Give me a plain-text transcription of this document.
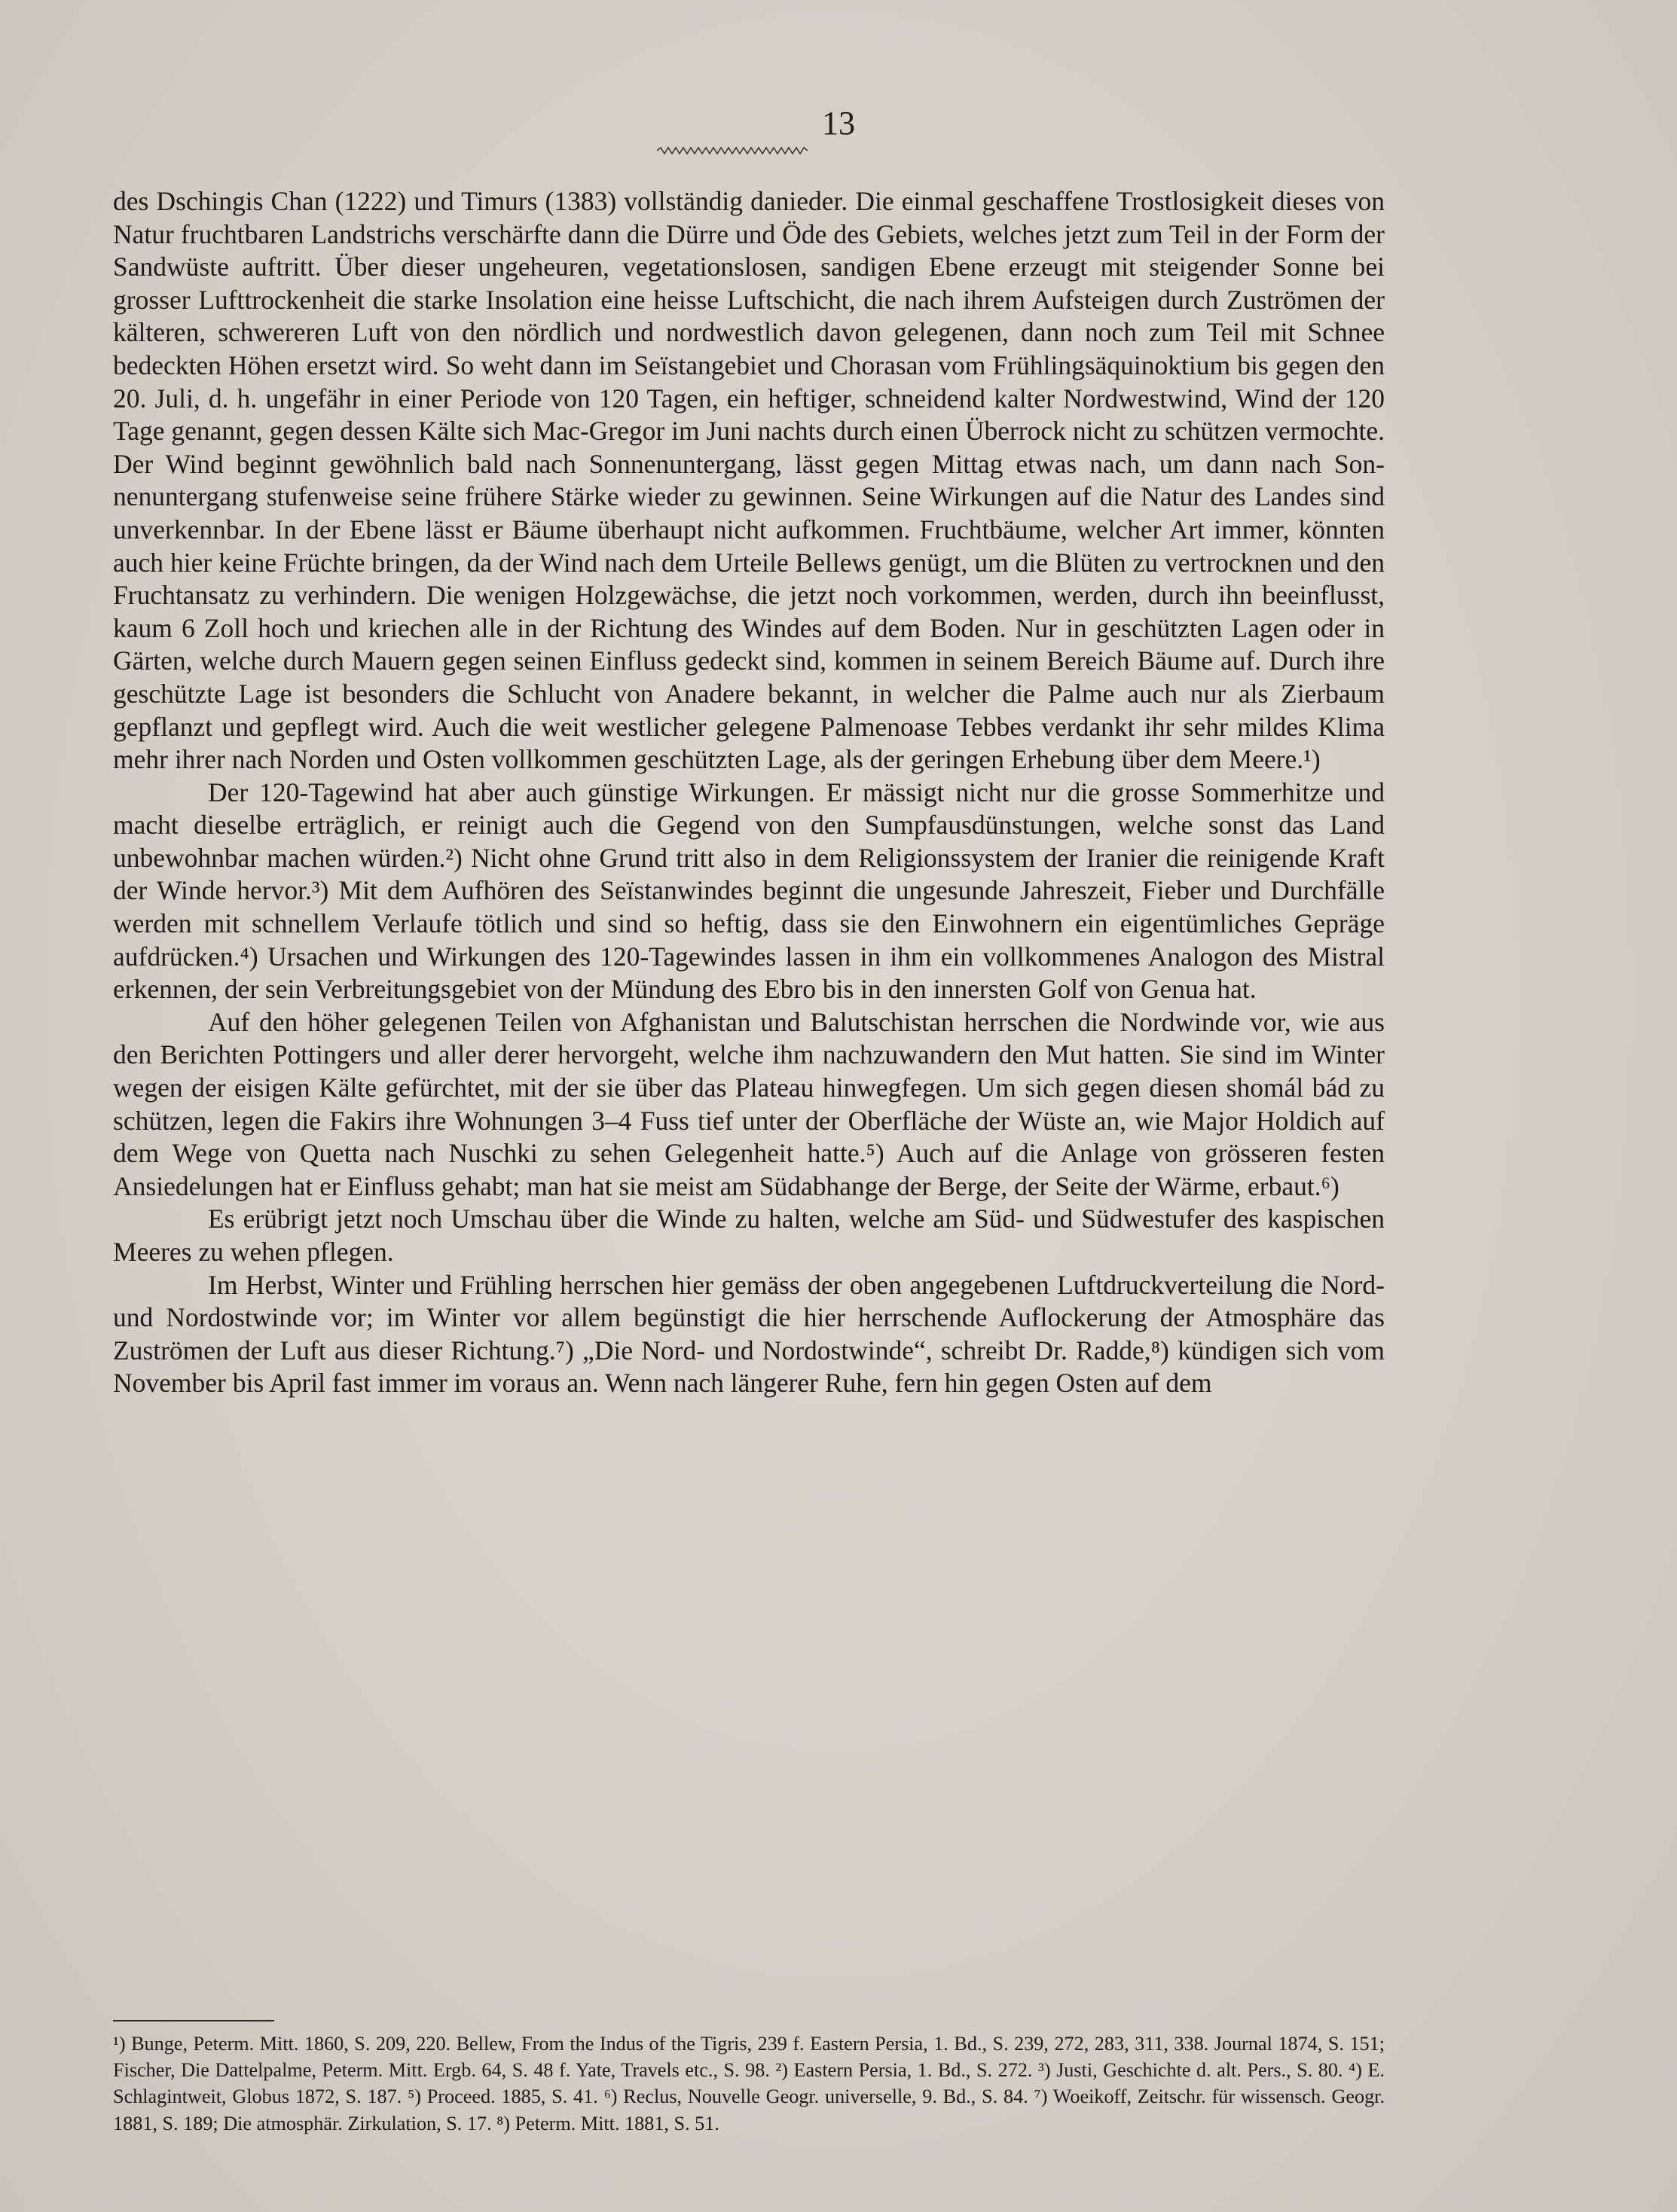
13

des Dschingis Chan (1222) und Timurs (1383) vollständig danieder. Die einmal geschaffene Trostlosigkeit dieses von Natur fruchtbaren Landstrichs verschärfte dann die Dürre und Öde des Gebiets, welches jetzt zum Teil in der Form der Sandwüste auftritt. Über dieser ungeheuren, vegetationslosen, sandigen Ebene erzeugt mit steigender Sonne bei grosser Lufttrockenheit die starke Insolation eine heisse Luftschicht, die nach ihrem Aufsteigen durch Zuströmen der kälteren, schwereren Luft von den nördlich und nordwestlich davon gelegenen, dann noch zum Teil mit Schnee bedeckten Höhen ersetzt wird. So weht dann im Seïstangebiet und Chorasan vom Frühlingsäquinoktium bis gegen den 20. Juli, d. h. ungefähr in einer Periode von 120 Tagen, ein heftiger, schneidend kalter Nordwestwind, Wind der 120 Tage genannt, gegen dessen Kälte sich Mac-Gregor im Juni nachts durch einen Überrock nicht zu schützen vermochte. Der Wind beginnt gewöhnlich bald nach Sonnenuntergang, lässt gegen Mittag etwas nach, um dann nach Sonnenuntergang stufenweise seine frühere Stärke wieder zu gewinnen. Seine Wirkungen auf die Natur des Landes sind unverkennbar. In der Ebene lässt er Bäume überhaupt nicht aufkommen. Fruchtbäume, welcher Art immer, könnten auch hier keine Früchte bringen, da der Wind nach dem Urteile Bellews genügt, um die Blüten zu vertrocknen und den Fruchtansatz zu verhindern. Die wenigen Holzgewächse, die jetzt noch vorkommen, werden, durch ihn beeinflusst, kaum 6 Zoll hoch und kriechen alle in der Richtung des Windes auf dem Boden. Nur in geschützten Lagen oder in Gärten, welche durch Mauern gegen seinen Einfluss gedeckt sind, kommen in seinem Bereich Bäume auf. Durch ihre geschützte Lage ist besonders die Schlucht von Anadere bekannt, in welcher die Palme auch nur als Zierbaum gepflanzt und gepflegt wird. Auch die weit westlicher gelegene Palmenoase Tebbes verdankt ihr sehr mildes Klima mehr ihrer nach Norden und Osten vollkommen geschützten Lage, als der geringen Erhebung über dem Meere.¹)

Der 120-Tagewind hat aber auch günstige Wirkungen. Er mässigt nicht nur die grosse Sommerhitze und macht dieselbe erträglich, er reinigt auch die Gegend von den Sumpfausdünstungen, welche sonst das Land unbewohnbar machen würden.²) Nicht ohne Grund tritt also in dem Religionssystem der Iranier die reinigende Kraft der Winde hervor.³) Mit dem Aufhören des Seïstanwindes beginnt die ungesunde Jahreszeit, Fieber und Durchfälle werden mit schnellem Verlaufe tötlich und sind so heftig, dass sie den Einwohnern ein eigentümliches Gepräge aufdrücken.⁴) Ursachen und Wirkungen des 120-Tagewindes lassen in ihm ein vollkommenes Analogon des Mistral erkennen, der sein Verbreitungsgebiet von der Mündung des Ebro bis in den innersten Golf von Genua hat.

Auf den höher gelegenen Teilen von Afghanistan und Balutschistan herrschen die Nordwinde vor, wie aus den Berichten Pottingers und aller derer hervorgeht, welche ihm nachzuwandern den Mut hatten. Sie sind im Winter wegen der eisigen Kälte gefürchtet, mit der sie über das Plateau hinwegfegen. Um sich gegen diesen shomál bád zu schützen, legen die Fakirs ihre Wohnungen 3–4 Fuss tief unter der Oberfläche der Wüste an, wie Major Holdich auf dem Wege von Quetta nach Nuschki zu sehen Gelegenheit hatte.⁵) Auch auf die Anlage von grösseren festen Ansiedelungen hat er Einfluss gehabt; man hat sie meist am Südabhange der Berge, der Seite der Wärme, erbaut.⁶)

Es erübrigt jetzt noch Umschau über die Winde zu halten, welche am Süd- und Südwestufer des kaspischen Meeres zu wehen pflegen.

Im Herbst, Winter und Frühling herrschen hier gemäss der oben angegebenen Luftdruckverteilung die Nord- und Nordostwinde vor; im Winter vor allem begünstigt die hier herrschende Auflockerung der Atmosphäre das Zuströmen der Luft aus dieser Richtung.⁷) „Die Nord- und Nordostwinde“, schreibt Dr. Radde,⁸) kündigen sich vom November bis April fast immer im voraus an. Wenn nach längerer Ruhe, fern hin gegen Osten auf dem

¹) Bunge, Peterm. Mitt. 1860, S. 209, 220. Bellew, From the Indus of the Tigris, 239 f. Eastern Persia, 1. Bd., S. 239, 272, 283, 311, 338. Journal 1874, S. 151; Fischer, Die Dattelpalme, Peterm. Mitt. Ergb. 64, S. 48 f. Yate, Travels etc., S. 98. ²) Eastern Persia, 1. Bd., S. 272. ³) Justi, Geschichte d. alt. Pers., S. 80. ⁴) E. Schlagintweit, Globus 1872, S. 187. ⁵) Proceed. 1885, S. 41. ⁶) Reclus, Nouvelle Geogr. universelle, 9. Bd., S. 84. ⁷) Woeikoff, Zeitschr. für wissensch. Geogr. 1881, S. 189; Die atmosphär. Zirkulation, S. 17. ⁸) Peterm. Mitt. 1881, S. 51.
